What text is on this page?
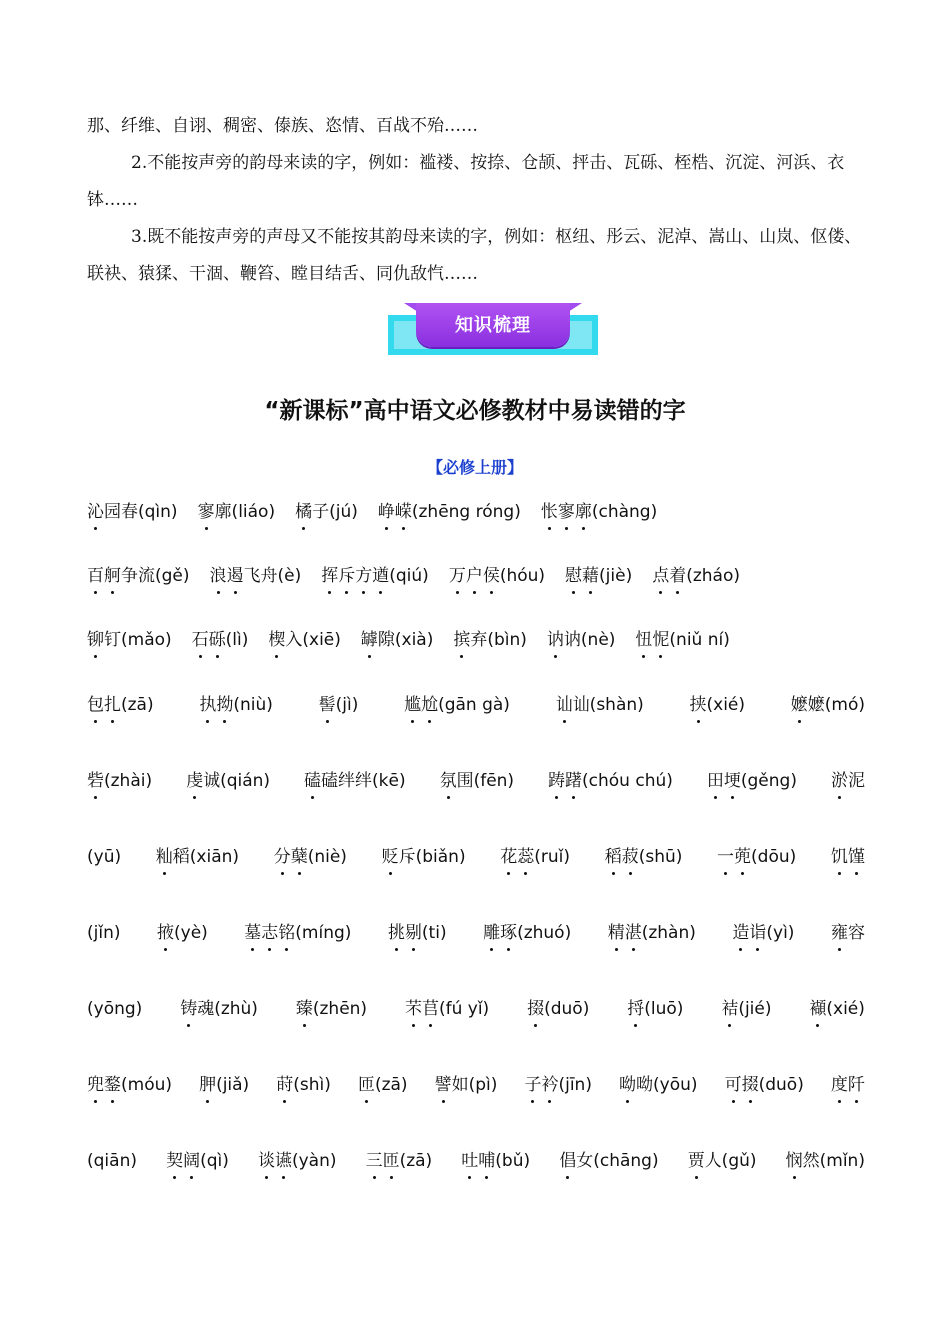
那、纤维、自诩、稠密、傣族、恣情、百战不殆……

2.不能按声旁的韵母来读的字，例如：褴褛、按捺、仓颉、抨击、瓦砾、桎梏、沉淀、河浜、衣钵……

3.既不能按声旁的声母又不能按其韵母来读的字，例如：枢纽、彤云、泥淖、嵩山、山岚、伛偻、联袂、猿猱、干涸、鞭笞、瞠目结舌、同仇敌忾……

知识梳理
“新课标”高中语文必修教材中易读错的字
【必修上册】
沁园春(qìn) 寥廓(liáo) 橘子(jú) 峥嵘(zhēng róng) 怅寥廓(chàng)
百舸争流(gě) 浪遏飞舟(è) 挥斥方遒(qiú) 万户侯(hóu) 慰藉(jiè) 点着(zháo)
铆钉(mǎo) 石砾(lì) 楔入(xiē) 罅隙(xià) 摈弃(bìn) 讷讷(nè) 忸怩(niǔ ní)
包扎(zā)	执拗(niù)	髻(jì)	尴尬(gān gà)	讪讪(shàn)	挟(xié)	嬷嬷(mó)
砦(zhài) 虔诚(qián) 磕磕绊绊(kē) 氛围(fēn) 踌躇(chóu chú) 田埂(gěng) 淤泥
(yū) 籼稻(xiān) 分蘖(niè) 贬斥(biǎn) 花蕊(ruǐ) 稻菽(shū) 一蔸(dōu) 饥馑
(jǐn) 掖(yè) 墓志铭(míng) 挑剔(ti) 雕琢(zhuó) 精湛(zhàn) 造诣(yì) 雍容
(yōng) 铸魂(zhù) 臻(zhēn) 芣苢(fú yǐ) 掇(duō) 捋(luō) 袺(jié) 襭(xié)
兜鍪(móu) 胛(jiǎ) 莳(shì) 匝(zā) 譬如(pì) 子衿(jīn) 呦呦(yōu) 可掇(duō) 度阡
(qiān) 契阔(qì) 谈䜩(yàn) 三匝(zā) 吐哺(bǔ) 倡女(chāng) 贾人(gǔ) 悯然(mǐn)
